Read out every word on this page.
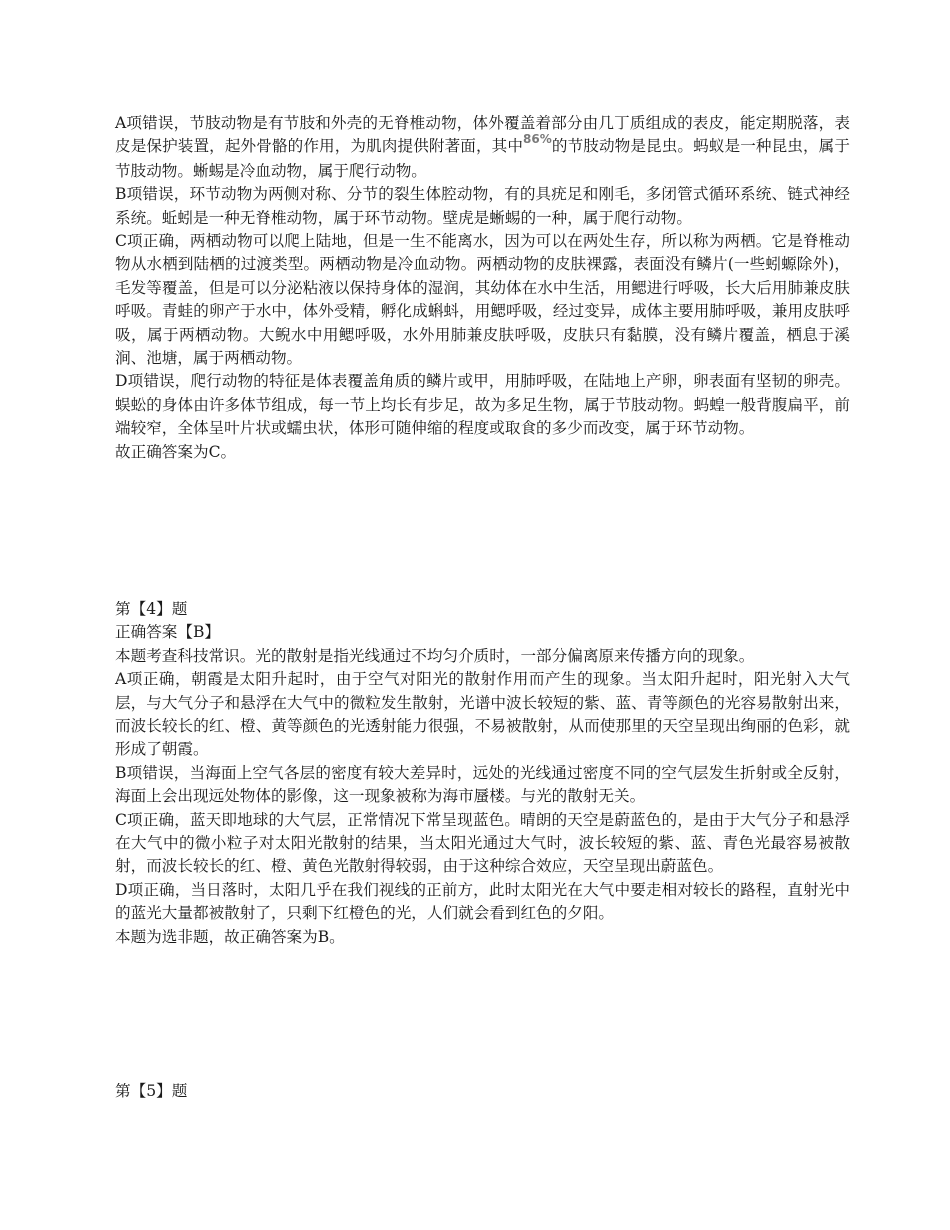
A项错误，节肢动物是有节肢和外壳的无脊椎动物，体外覆盖着部分由几丁质组成的表皮，能定期脱落，表皮是保护装置，起外骨骼的作用，为肌肉提供附著面，其中$^{86\%}$的节肢动物是昆虫。蚂蚁是一种昆虫，属于节肢动物。蜥蜴是冷血动物，属于爬行动物。

B项错误，环节动物为两侧对称、分节的裂生体腔动物，有的具疣足和刚毛，多闭管式循环系统、链式神经系统。蚯蚓是一种无脊椎动物，属于环节动物。壁虎是蜥蜴的一种，属于爬行动物。

C项正确，两栖动物可以爬上陆地，但是一生不能离水，因为可以在两处生存，所以称为两栖。它是脊椎动物从水栖到陆栖的过渡类型。两栖动物是冷血动物。两栖动物的皮肤裸露，表面没有鳞片(一些蚓螈除外)，毛发等覆盖，但是可以分泌粘液以保持身体的湿润，其幼体在水中生活，用鳃进行呼吸，长大后用肺兼皮肤呼吸。青蛙的卵产于水中，体外受精，孵化成蝌蚪，用鳃呼吸，经过变异，成体主要用肺呼吸，兼用皮肤呼吸，属于两栖动物。大鲵水中用鳃呼吸，水外用肺兼皮肤呼吸，皮肤只有黏膜，没有鳞片覆盖，栖息于溪涧、池塘，属于两栖动物。

D项错误，爬行动物的特征是体表覆盖角质的鳞片或甲，用肺呼吸，在陆地上产卵，卵表面有坚韧的卵壳。蜈蚣的身体由许多体节组成，每一节上均长有步足，故为多足生物，属于节肢动物。蚂蝗一般背腹扁平，前端较窄，全体呈叶片状或蠕虫状，体形可随伸缩的程度或取食的多少而改变，属于环节动物。

故正确答案为C。

第【4】题

正确答案【B】

本题考查科技常识。光的散射是指光线通过不均匀介质时，一部分偏离原来传播方向的现象。

A项正确，朝霞是太阳升起时，由于空气对阳光的散射作用而产生的现象。当太阳升起时，阳光射入大气层，与大气分子和悬浮在大气中的微粒发生散射，光谱中波长较短的紫、蓝、青等颜色的光容易散射出来，而波长较长的红、橙、黄等颜色的光透射能力很强，不易被散射，从而使那里的天空呈现出绚丽的色彩，就形成了朝霞。

B项错误，当海面上空气各层的密度有较大差异时，远处的光线通过密度不同的空气层发生折射或全反射，海面上会出现远处物体的影像，这一现象被称为海市蜃楼。与光的散射无关。

C项正确，蓝天即地球的大气层，正常情况下常呈现蓝色。晴朗的天空是蔚蓝色的，是由于大气分子和悬浮在大气中的微小粒子对太阳光散射的结果，当太阳光通过大气时，波长较短的紫、蓝、青色光最容易被散射，而波长较长的红、橙、黄色光散射得较弱，由于这种综合效应，天空呈现出蔚蓝色。

D项正确，当日落时，太阳几乎在我们视线的正前方，此时太阳光在大气中要走相对较长的路程，直射光中的蓝光大量都被散射了，只剩下红橙色的光，人们就会看到红色的夕阳。

本题为选非题，故正确答案为B。

第【5】题
